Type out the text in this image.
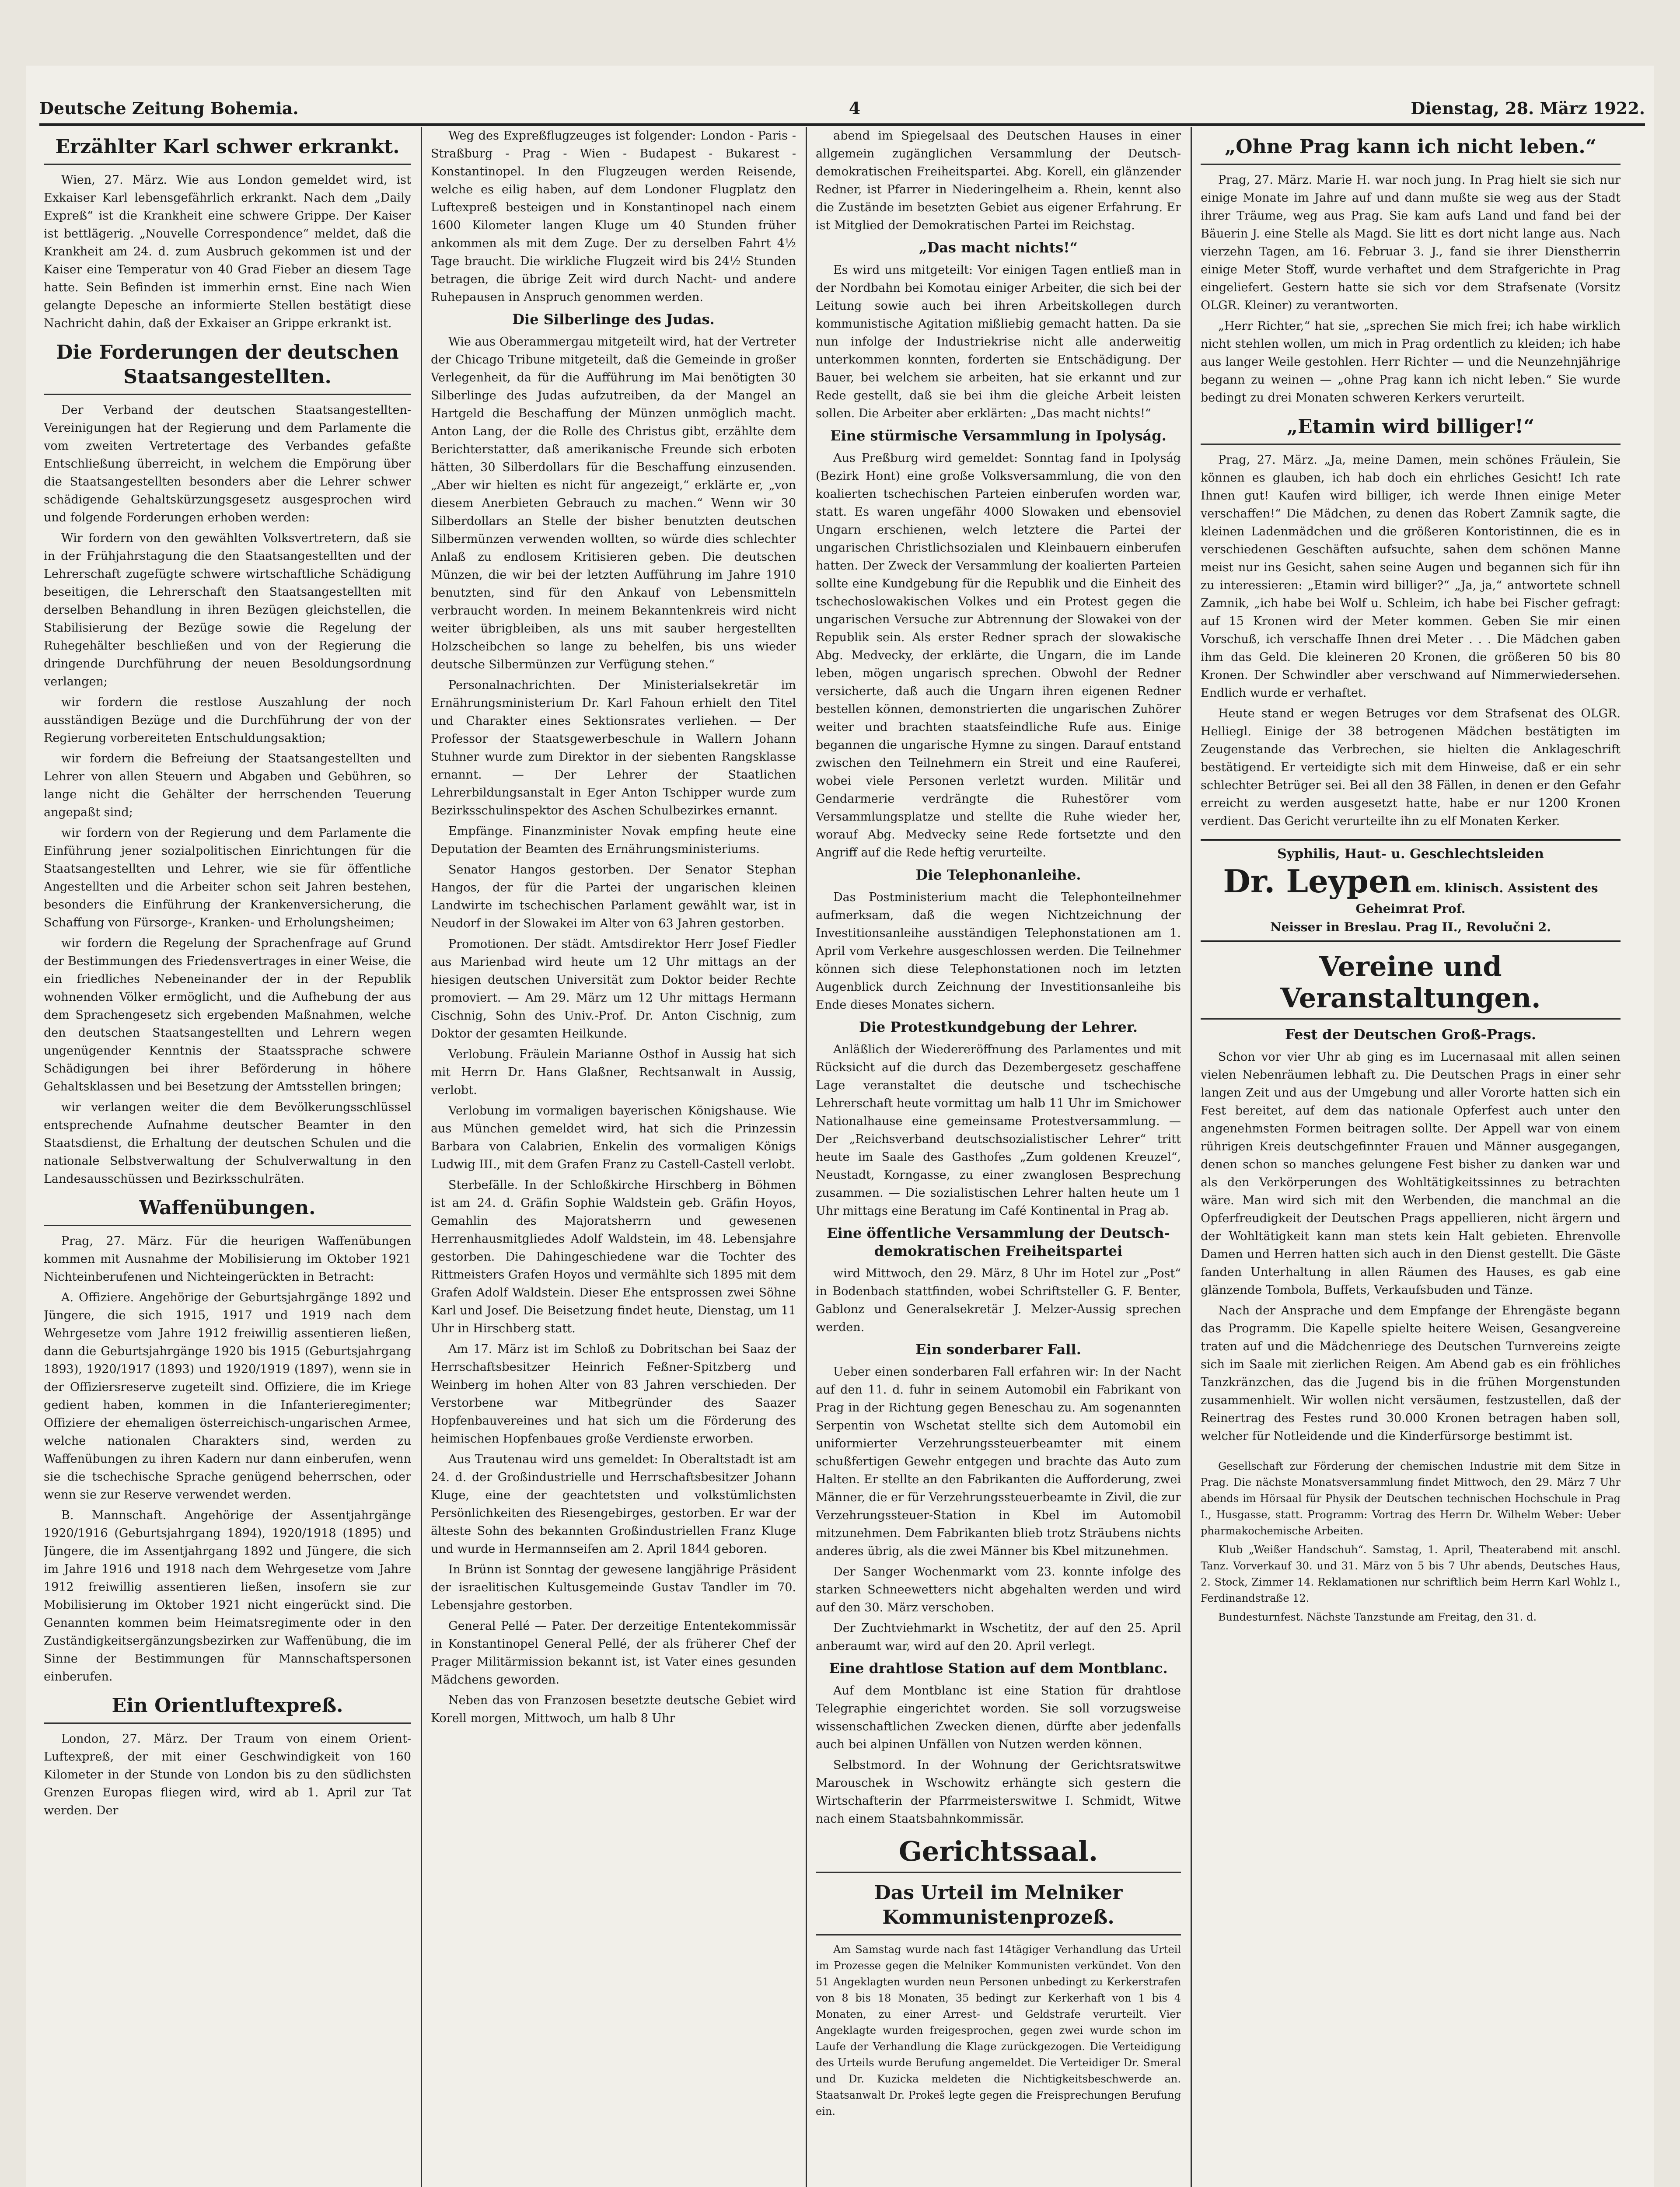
Deutsche Zeitung Bohemia.	4	Dienstag, 28. März 1922.
Erzählter Karl schwer erkrankt.

Wien, 27. März. Wie aus London gemeldet wird, ist Exkaiser Karl lebensgefährlich erkrankt. Nach dem „Daily Expreß“ ist die Krankheit eine schwere Grippe. Der Kaiser ist bettlägerig. „Nouvelle Correspondence“ meldet, daß die Krankheit am 24. d. zum Ausbruch gekommen ist und der Kaiser eine Temperatur von 40 Grad Fieber an diesem Tage hatte. Sein Befinden ist immerhin ernst. Eine nach Wien gelangte Depesche an informierte Stellen bestätigt diese Nachricht dahin, daß der Exkaiser an Grippe erkrankt ist.

Die Forderungen der deutschen Staatsangestellten.

Der Verband der deutschen Staatsangestellten-Vereinigungen hat der Regierung und dem Parlamente die vom zweiten Vertretertage des Verbandes gefaßte Entschließung überreicht, in welchem die Empörung über die Staatsangestellten besonders aber die Lehrer schwer schädigende Gehaltskürzungsgesetz ausgesprochen wird und folgende Forderungen erhoben werden:

Wir fordern von den gewählten Volksvertretern, daß sie in der Frühjahrstagung die den Staatsangestellten und der Lehrerschaft zugefügte schwere wirtschaftliche Schädigung beseitigen, die Lehrerschaft den Staatsangestellten mit derselben Behandlung in ihren Bezügen gleichstellen, die Stabilisierung der Bezüge sowie die Regelung der Ruhegehälter beschließen und von der Regierung die dringende Durchführung der neuen Besoldungsordnung verlangen;

wir fordern die restlose Auszahlung der noch ausständigen Bezüge und die Durchführung der von der Regierung vorbereiteten Entschuldungsaktion;

wir fordern die Befreiung der Staatsangestellten und Lehrer von allen Steuern und Abgaben und Gebühren, so lange nicht die Gehälter der herrschenden Teuerung angepaßt sind;

wir fordern von der Regierung und dem Parlamente die Einführung jener sozialpolitischen Einrichtungen für die Staatsangestellten und Lehrer, wie sie für öffentliche Angestellten und die Arbeiter schon seit Jahren bestehen, besonders die Einführung der Krankenversicherung, die Schaffung von Fürsorge-, Kranken- und Erholungsheimen;

wir fordern die Regelung der Sprachenfrage auf Grund der Bestimmungen des Friedensvertrages in einer Weise, die ein friedliches Nebeneinander der in der Republik wohnenden Völker ermöglicht, und die Aufhebung der aus dem Sprachengesetz sich ergebenden Maßnahmen, welche den deutschen Staatsangestellten und Lehrern wegen ungenügender Kenntnis der Staatssprache schwere Schädigungen bei ihrer Beförderung in höhere Gehaltsklassen und bei Besetzung der Amtsstellen bringen;

wir verlangen weiter die dem Bevölkerungsschlüssel entsprechende Aufnahme deutscher Beamter in den Staatsdienst, die Erhaltung der deutschen Schulen und die nationale Selbstverwaltung der Schulverwaltung in den Landesausschüssen und Bezirksschulräten.

Waffenübungen.

Prag, 27. März. Für die heurigen Waffenübungen kommen mit Ausnahme der Mobilisierung im Oktober 1921 Nichteinberufenen und Nichteingerückten in Betracht:

A. Offiziere. Angehörige der Geburtsjahrgänge 1892 und Jüngere, die sich 1915, 1917 und 1919 nach dem Wehrgesetze vom Jahre 1912 freiwillig assentieren ließen, dann die Geburtsjahrgänge 1920 bis 1915 (Geburtsjahrgang 1893), 1920/1917 (1893) und 1920/1919 (1897), wenn sie in der Offiziersreserve zugeteilt sind. Offiziere, die im Kriege gedient haben, kommen in die Infanterieregimenter; Offiziere der ehemaligen österreichisch-ungarischen Armee, welche nationalen Charakters sind, werden zu Waffenübungen zu ihren Kadern nur dann einberufen, wenn sie die tschechische Sprache genügend beherrschen, oder wenn sie zur Reserve verwendet werden.

B. Mannschaft. Angehörige der Assentjahrgänge 1920/1916 (Geburtsjahrgang 1894), 1920/1918 (1895) und Jüngere, die im Assentjahrgang 1892 und Jüngere, die sich im Jahre 1916 und 1918 nach dem Wehrgesetze vom Jahre 1912 freiwillig assentieren ließen, insofern sie zur Mobilisierung im Oktober 1921 nicht eingerückt sind. Die Genannten kommen beim Heimatsregimente oder in den Zuständigkeitsergänzungsbezirken zur Waffenübung, die im Sinne der Bestimmungen für Mannschaftspersonen einberufen.

Ein Orientluftexpreß.

London, 27. März. Der Traum von einem Orient-Luftexpreß, der mit einer Geschwindigkeit von 160 Kilometer in der Stunde von London bis zu den südlichsten Grenzen Europas fliegen wird, wird ab 1. April zur Tat werden. Der

Weg des Expreßflugzeuges ist folgender: London - Paris - Straßburg - Prag - Wien - Budapest - Bukarest - Konstantinopel. In den Flugzeugen werden Reisende, welche es eilig haben, auf dem Londoner Flugplatz den Luftexpreß besteigen und in Konstantinopel nach einem 1600 Kilometer langen Kluge um 40 Stunden früher ankommen als mit dem Zuge. Der zu derselben Fahrt 4½ Tage braucht. Die wirkliche Flugzeit wird bis 24½ Stunden betragen, die übrige Zeit wird durch Nacht- und andere Ruhepausen in Anspruch genommen werden.

Die Silberlinge des Judas.

Wie aus Oberammergau mitgeteilt wird, hat der Vertreter der Chicago Tribune mitgeteilt, daß die Gemeinde in großer Verlegenheit, da für die Aufführung im Mai benötigten 30 Silberlinge des Judas aufzutreiben, da der Mangel an Hartgeld die Beschaffung der Münzen unmöglich macht. Anton Lang, der die Rolle des Christus gibt, erzählte dem Berichterstatter, daß amerikanische Freunde sich erboten hätten, 30 Silberdollars für die Beschaffung einzusenden. „Aber wir hielten es nicht für angezeigt,“ erklärte er, „von diesem Anerbieten Gebrauch zu machen.“ Wenn wir 30 Silberdollars an Stelle der bisher benutzten deutschen Silbermünzen verwenden wollten, so würde dies schlechter Anlaß zu endlosem Kritisieren geben. Die deutschen Münzen, die wir bei der letzten Aufführung im Jahre 1910 benutzten, sind für den Ankauf von Lebensmitteln verbraucht worden. In meinem Bekanntenkreis wird nicht weiter übrigbleiben, als uns mit sauber hergestellten Holzscheibchen so lange zu behelfen, bis uns wieder deutsche Silbermünzen zur Verfügung stehen.“

Personalnachrichten. Der Ministerialsekretär im Ernährungsministerium Dr. Karl Fahoun erhielt den Titel und Charakter eines Sektionsrates verliehen. — Der Professor der Staatsgewerbeschule in Wallern Johann Stuhner wurde zum Direktor in der siebenten Rangsklasse ernannt. — Der Lehrer der Staatlichen Lehrerbildungsanstalt in Eger Anton Tschipper wurde zum Bezirksschulinspektor des Aschen Schulbezirkes ernannt.

Empfänge. Finanzminister Novak empfing heute eine Deputation der Beamten des Ernährungsministeriums.

Senator Hangos gestorben. Der Senator Stephan Hangos, der für die Partei der ungarischen kleinen Landwirte im tschechischen Parlament gewählt war, ist in Neudorf in der Slowakei im Alter von 63 Jahren gestorben.

Promotionen. Der städt. Amtsdirektor Herr Josef Fiedler aus Marienbad wird heute um 12 Uhr mittags an der hiesigen deutschen Universität zum Doktor beider Rechte promoviert. — Am 29. März um 12 Uhr mittags Hermann Cischnig, Sohn des Univ.-Prof. Dr. Anton Cischnig, zum Doktor der gesamten Heilkunde.

Verlobung. Fräulein Marianne Osthof in Aussig hat sich mit Herrn Dr. Hans Glaßner, Rechtsanwalt in Aussig, verlobt.

Verlobung im vormaligen bayerischen Königshause. Wie aus München gemeldet wird, hat sich die Prinzessin Barbara von Calabrien, Enkelin des vormaligen Königs Ludwig III., mit dem Grafen Franz zu Castell-Castell verlobt.

Sterbefälle. In der Schloßkirche Hirschberg in Böhmen ist am 24. d. Gräfin Sophie Waldstein geb. Gräfin Hoyos, Gemahlin des Majoratsherrn und gewesenen Herrenhausmitgliedes Adolf Waldstein, im 48. Lebensjahre gestorben. Die Dahingeschiedene war die Tochter des Rittmeisters Grafen Hoyos und vermählte sich 1895 mit dem Grafen Adolf Waldstein. Dieser Ehe entsprossen zwei Söhne Karl und Josef. Die Beisetzung findet heute, Dienstag, um 11 Uhr in Hirschberg statt.

Am 17. März ist im Schloß zu Dobritschan bei Saaz der Herrschaftsbesitzer Heinrich Feßner-Spitzberg und Weinberg im hohen Alter von 83 Jahren verschieden. Der Verstorbene war Mitbegründer des Saazer Hopfenbauvereines und hat sich um die Förderung des heimischen Hopfenbaues große Verdienste erworben.

Aus Trautenau wird uns gemeldet: In Oberaltstadt ist am 24. d. der Großindustrielle und Herrschaftsbesitzer Johann Kluge, eine der geachtetsten und volkstümlichsten Persönlichkeiten des Riesengebirges, gestorben. Er war der älteste Sohn des bekannten Großindustriellen Franz Kluge und wurde in Hermannseifen am 2. April 1844 geboren.

In Brünn ist Sonntag der gewesene langjährige Präsident der israelitischen Kultusgemeinde Gustav Tandler im 70. Lebensjahre gestorben.

General Pellé — Pater. Der derzeitige Ententekommissär in Konstantinopel General Pellé, der als früherer Chef der Prager Militärmission bekannt ist, ist Vater eines gesunden Mädchens geworden.

Neben das von Franzosen besetzte deutsche Gebiet wird Korell morgen, Mittwoch, um halb 8 Uhr

abend im Spiegelsaal des Deutschen Hauses in einer allgemein zugänglichen Versammlung der Deutsch-demokratischen Freiheitspartei. Abg. Korell, ein glänzender Redner, ist Pfarrer in Niederingelheim a. Rhein, kennt also die Zustände im besetzten Gebiet aus eigener Erfahrung. Er ist Mitglied der Demokratischen Partei im Reichstag.

„Das macht nichts!“

Es wird uns mitgeteilt: Vor einigen Tagen entließ man in der Nordbahn bei Komotau einiger Arbeiter, die sich bei der Leitung sowie auch bei ihren Arbeitskollegen durch kommunistische Agitation mißliebig gemacht hatten. Da sie nun infolge der Industriekrise nicht alle anderweitig unterkommen konnten, forderten sie Entschädigung. Der Bauer, bei welchem sie arbeiten, hat sie erkannt und zur Rede gestellt, daß sie bei ihm die gleiche Arbeit leisten sollen. Die Arbeiter aber erklärten: „Das macht nichts!“

Eine stürmische Versammlung in Ipolyság.

Aus Preßburg wird gemeldet: Sonntag fand in Ipolyság (Bezirk Hont) eine große Volksversammlung, die von den koalierten tschechischen Parteien einberufen worden war, statt. Es waren ungefähr 4000 Slowaken und ebensoviel Ungarn erschienen, welch letztere die Partei der ungarischen Christlichsozialen und Kleinbauern einberufen hatten. Der Zweck der Versammlung der koalierten Parteien sollte eine Kundgebung für die Republik und die Einheit des tschechoslowakischen Volkes und ein Protest gegen die ungarischen Versuche zur Abtrennung der Slowakei von der Republik sein. Als erster Redner sprach der slowakische Abg. Medvecky, der erklärte, die Ungarn, die im Lande leben, mögen ungarisch sprechen. Obwohl der Redner versicherte, daß auch die Ungarn ihren eigenen Redner bestellen können, demonstrierten die ungarischen Zuhörer weiter und brachten staatsfeindliche Rufe aus. Einige begannen die ungarische Hymne zu singen. Darauf entstand zwischen den Teilnehmern ein Streit und eine Rauferei, wobei viele Personen verletzt wurden. Militär und Gendarmerie verdrängte die Ruhestörer vom Versammlungsplatze und stellte die Ruhe wieder her, worauf Abg. Medvecky seine Rede fortsetzte und den Angriff auf die Rede heftig verurteilte.

Die Telephonanleihe.

Das Postministerium macht die Telephonteilnehmer aufmerksam, daß die wegen Nichtzeichnung der Investitionsanleihe ausständigen Telephonstationen am 1. April vom Verkehre ausgeschlossen werden. Die Teilnehmer können sich diese Telephonstationen noch im letzten Augenblick durch Zeichnung der Investitionsanleihe bis Ende dieses Monates sichern.

Die Protestkundgebung der Lehrer.

Anläßlich der Wiedereröffnung des Parlamentes und mit Rücksicht auf die durch das Dezembergesetz geschaffene Lage veranstaltet die deutsche und tschechische Lehrerschaft heute vormittag um halb 11 Uhr im Smichower Nationalhause eine gemeinsame Protestversammlung. — Der „Reichsverband deutschsozialistischer Lehrer“ tritt heute im Saale des Gasthofes „Zum goldenen Kreuzel“, Neustadt, Korngasse, zu einer zwanglosen Besprechung zusammen. — Die sozialistischen Lehrer halten heute um 1 Uhr mittags eine Beratung im Café Kontinental in Prag ab.

Eine öffentliche Versammlung der Deutsch-demokratischen Freiheitspartei

wird Mittwoch, den 29. März, 8 Uhr im Hotel zur „Post“ in Bodenbach stattfinden, wobei Schriftsteller G. F. Benter, Gablonz und Generalsekretär J. Melzer-Aussig sprechen werden.

Ein sonderbarer Fall.

Ueber einen sonderbaren Fall erfahren wir: In der Nacht auf den 11. d. fuhr in seinem Automobil ein Fabrikant von Prag in der Richtung gegen Beneschau zu. Am sogenannten Serpentin von Wschetat stellte sich dem Automobil ein uniformierter Verzehrungssteuerbeamter mit einem schußfertigen Gewehr entgegen und brachte das Auto zum Halten. Er stellte an den Fabrikanten die Aufforderung, zwei Männer, die er für Verzehrungssteuerbeamte in Zivil, die zur Verzehrungssteuer-Station in Kbel im Automobil mitzunehmen. Dem Fabrikanten blieb trotz Sträubens nichts anderes übrig, als die zwei Männer bis Kbel mitzunehmen.

Der Sanger Wochenmarkt vom 23. konnte infolge des starken Schneewetters nicht abgehalten werden und wird auf den 30. März verschoben.

Der Zuchtviehmarkt in Wschetitz, der auf den 25. April anberaumt war, wird auf den 20. April verlegt.

Eine drahtlose Station auf dem Montblanc.

Auf dem Montblanc ist eine Station für drahtlose Telegraphie eingerichtet worden. Sie soll vorzugsweise wissenschaftlichen Zwecken dienen, dürfte aber jedenfalls auch bei alpinen Unfällen von Nutzen werden können.

Selbstmord. In der Wohnung der Gerichtsratswitwe Marouschek in Wschowitz erhängte sich gestern die Wirtschafterin der Pfarrmeisterswitwe I. Schmidt, Witwe nach einem Staatsbahnkommissär.

Gerichtssaal.
Das Urteil im Melniker Kommunistenprozeß.

Am Samstag wurde nach fast 14tägiger Verhandlung das Urteil im Prozesse gegen die Melniker Kommunisten verkündet. Von den 51 Angeklagten wurden neun Personen unbedingt zu Kerkerstrafen von 8 bis 18 Monaten, 35 bedingt zur Kerkerhaft von 1 bis 4 Monaten, zu einer Arrest- und Geldstrafe verurteilt. Vier Angeklagte wurden freigesprochen, gegen zwei wurde schon im Laufe der Verhandlung die Klage zurückgezogen. Die Verteidigung des Urteils wurde Berufung angemeldet. Die Verteidiger Dr. Smeral und Dr. Kuzicka meldeten die Nichtigkeitsbeschwerde an. Staatsanwalt Dr. Prokeš legte gegen die Freisprechungen Berufung ein.

„Ohne Prag kann ich nicht leben.“

Prag, 27. März. Marie H. war noch jung. In Prag hielt sie sich nur einige Monate im Jahre auf und dann mußte sie weg aus der Stadt ihrer Träume, weg aus Prag. Sie kam aufs Land und fand bei der Bäuerin J. eine Stelle als Magd. Sie litt es dort nicht lange aus. Nach vierzehn Tagen, am 16. Februar 3. J., fand sie ihrer Dienstherrin einige Meter Stoff, wurde verhaftet und dem Strafgerichte in Prag eingeliefert. Gestern hatte sie sich vor dem Strafsenate (Vorsitz OLGR. Kleiner) zu verantworten.

„Herr Richter,“ hat sie, „sprechen Sie mich frei; ich habe wirklich nicht stehlen wollen, um mich in Prag ordentlich zu kleiden; ich habe aus langer Weile gestohlen. Herr Richter — und die Neunzehnjährige begann zu weinen — „ohne Prag kann ich nicht leben.“ Sie wurde bedingt zu drei Monaten schweren Kerkers verurteilt.

„Etamin wird billiger!“

Prag, 27. März. „Ja, meine Damen, mein schönes Fräulein, Sie können es glauben, ich hab doch ein ehrliches Gesicht! Ich rate Ihnen gut! Kaufen wird billiger, ich werde Ihnen einige Meter verschaffen!“ Die Mädchen, zu denen das Robert Zamnik sagte, die kleinen Ladenmädchen und die größeren Kontoristinnen, die es in verschiedenen Geschäften aufsuchte, sahen dem schönen Manne meist nur ins Gesicht, sahen seine Augen und begannen sich für ihn zu interessieren: „Etamin wird billiger?“ „Ja, ja,“ antwortete schnell Zamnik, „ich habe bei Wolf u. Schleim, ich habe bei Fischer gefragt: auf 15 Kronen wird der Meter kommen. Geben Sie mir einen Vorschuß, ich verschaffe Ihnen drei Meter . . . Die Mädchen gaben ihm das Geld. Die kleineren 20 Kronen, die größeren 50 bis 80 Kronen. Der Schwindler aber verschwand auf Nimmerwiedersehen. Endlich wurde er verhaftet.

Heute stand er wegen Betruges vor dem Strafsenat des OLGR. Helliegl. Einige der 38 betrogenen Mädchen bestätigten im Zeugenstande das Verbrechen, sie hielten die Anklageschrift bestätigend. Er verteidigte sich mit dem Hinweise, daß er ein sehr schlechter Betrüger sei. Bei all den 38 Fällen, in denen er den Gefahr erreicht zu werden ausgesetzt hatte, habe er nur 1200 Kronen verdient. Das Gericht verurteilte ihn zu elf Monaten Kerker.

Syphilis, Haut- u. Geschlechtsleiden
Dr. Leypen em. klinisch. Assistent des Geheimrat Prof.
Neisser in Breslau. Prag II., Revolučni 2.
Vereine und Veranstaltungen.
Fest der Deutschen Groß-Prags.

Schon vor vier Uhr ab ging es im Lucernasaal mit allen seinen vielen Nebenräumen lebhaft zu. Die Deutschen Prags in einer sehr langen Zeit und aus der Umgebung und aller Vororte hatten sich ein Fest bereitet, auf dem das nationale Opferfest auch unter den angenehmsten Formen beitragen sollte. Der Appell war von einem rührigen Kreis deutschgefinnter Frauen und Männer ausgegangen, denen schon so manches gelungene Fest bisher zu danken war und als den Verkörperungen des Wohltätigkeitssinnes zu betrachten wäre. Man wird sich mit den Werbenden, die manchmal an die Opferfreudigkeit der Deutschen Prags appellieren, nicht ärgern und der Wohltätigkeit kann man stets kein Halt gebieten. Ehrenvolle Damen und Herren hatten sich auch in den Dienst gestellt. Die Gäste fanden Unterhaltung in allen Räumen des Hauses, es gab eine glänzende Tombola, Buffets, Verkaufsbuden und Tänze.

Nach der Ansprache und dem Empfange der Ehrengäste begann das Programm. Die Kapelle spielte heitere Weisen, Gesangvereine traten auf und die Mädchenriege des Deutschen Turnvereins zeigte sich im Saale mit zierlichen Reigen. Am Abend gab es ein fröhliches Tanzkränzchen, das die Jugend bis in die frühen Morgenstunden zusammenhielt. Wir wollen nicht versäumen, festzustellen, daß der Reinertrag des Festes rund 30.000 Kronen betragen haben soll, welcher für Notleidende und die Kinderfürsorge bestimmt ist.

Gesellschaft zur Förderung der chemischen Industrie mit dem Sitze in Prag. Die nächste Monatsversammlung findet Mittwoch, den 29. März 7 Uhr abends im Hörsaal für Physik der Deutschen technischen Hochschule in Prag I., Husgasse, statt. Programm: Vortrag des Herrn Dr. Wilhelm Weber: Ueber pharmakochemische Arbeiten.

Klub „Weißer Handschuh“. Samstag, 1. April, Theaterabend mit anschl. Tanz. Vorverkauf 30. und 31. März von 5 bis 7 Uhr abends, Deutsches Haus, 2. Stock, Zimmer 14. Reklamationen nur schriftlich beim Herrn Karl Wohlz I., Ferdinandstraße 12.

Bundesturnfest. Nächste Tanzstunde am Freitag, den 31. d.
